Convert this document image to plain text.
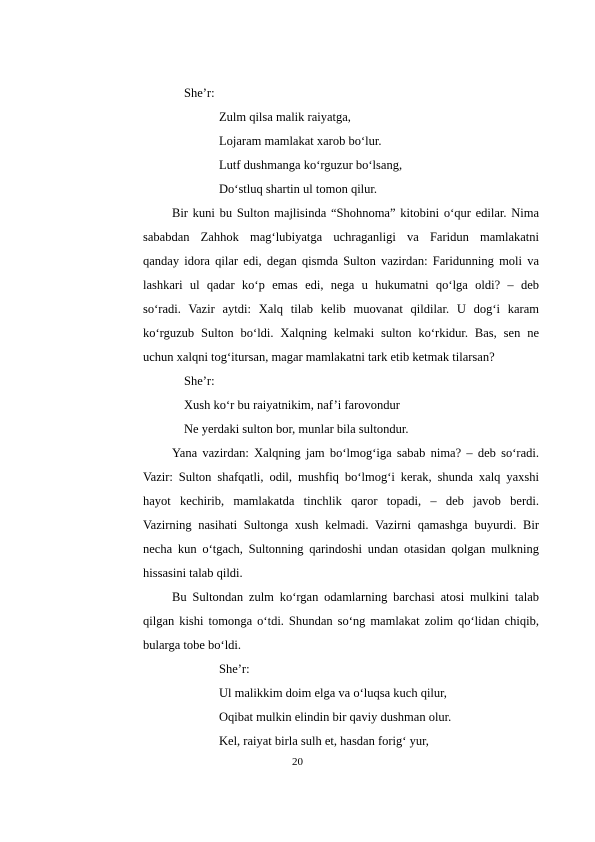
She’r:
Zulm qilsa malik raiyatga,
Lojaram mamlakat xarob bo‘lur.
Lutf dushmanga ko‘rguzur bo‘lsang,
Do‘stluq shartin ul tomon qilur.
Bir kuni bu Sulton majlisinda “Shohnoma” kitobini o‘qur edilar. Nima
sababdan Zahhok mag‘lubiyatga uchraganligi va Faridun mamlakatni
qanday idora qilar edi, degan qismda Sulton vazirdan: Faridunning moli va
lashkari ul qadar ko‘p emas edi, nega u hukumatni qo‘lga oldi? – deb
so‘radi. Vazir aytdi: Xalq tilab kelib muovanat qildilar. U dog‘i karam
ko‘rguzub Sulton bo‘ldi. Xalqning kelmaki sulton ko‘rkidur. Bas, sen ne
uchun xalqni tog‘itursan, magar mamlakatni tark etib ketmak tilarsan?
She’r:
Xush ko‘r bu raiyatnikim, naf’i farovondur
Ne yerdaki sulton bor, munlar bila sultondur.
Yana vazirdan: Xalqning jam bo‘lmog‘iga sabab nima? – deb so‘radi.
Vazir: Sulton shafqatli, odil, mushfiq bo‘lmog‘i kerak, shunda xalq yaxshi
hayot kechirib, mamlakatda tinchlik qaror topadi, – deb javob berdi.
Vazirning nasihati Sultonga xush kelmadi. Vazirni qamashga buyurdi. Bir
necha kun o‘tgach, Sultonning qarindoshi undan otasidan qolgan mulkning
hissasini talab qildi.
Bu Sultondan zulm ko‘rgan odamlarning barchasi atosi mulkini talab
qilgan kishi tomonga o‘tdi. Shundan so‘ng mamlakat zolim qo‘lidan chiqib,
bularga tobe bo‘ldi.
She’r:
Ul malikkim doim elga va o‘luqsa kuch qilur,
Oqibat mulkin elindin bir qaviy dushman olur.
Kel, raiyat birla sulh et, hasdan forig‘ yur,
20
